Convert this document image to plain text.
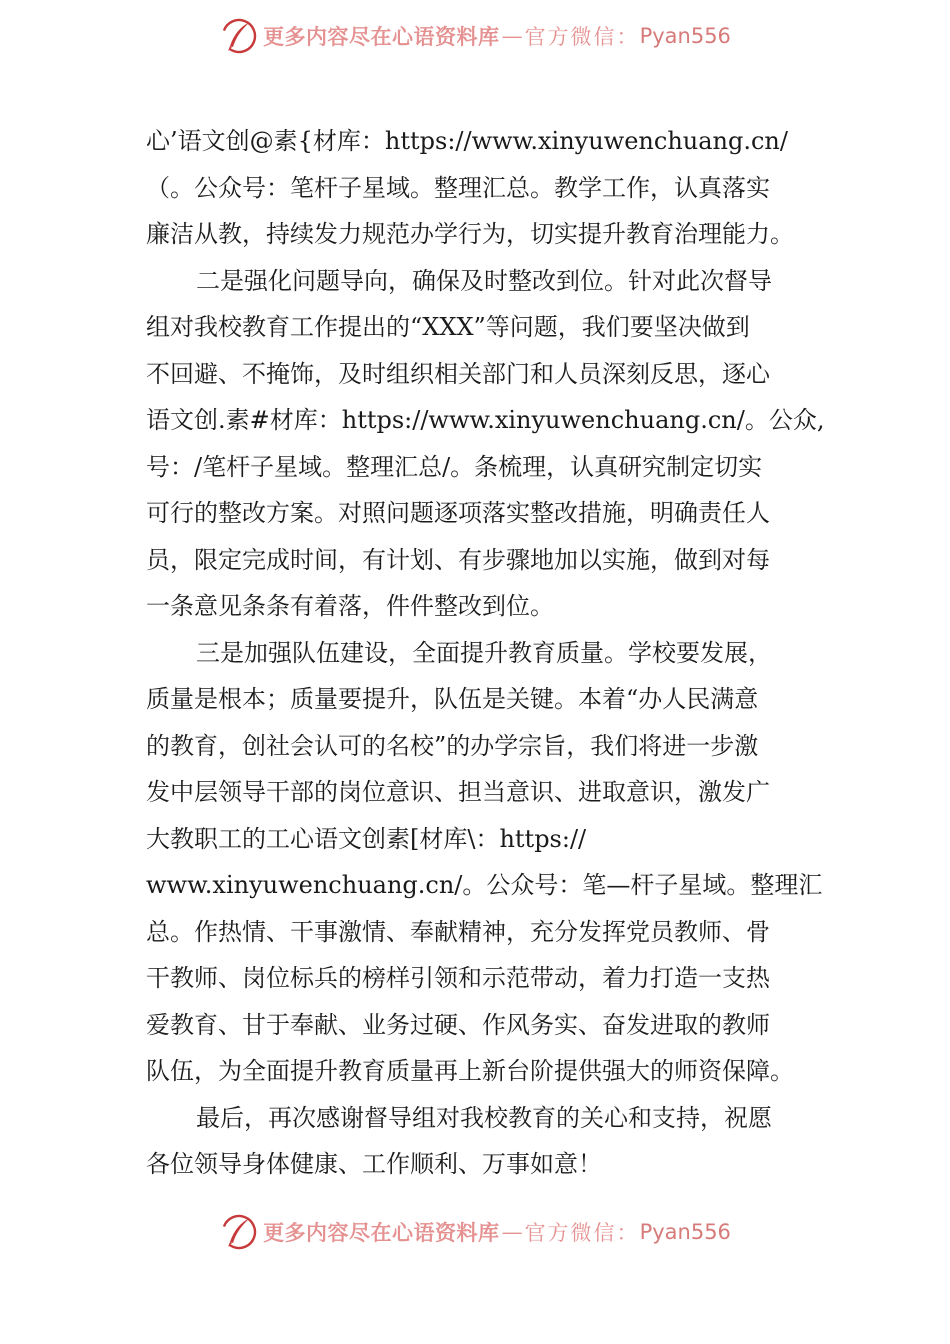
更多内容尽在心语资料库 — 官方微信： Pyan556
心’语文创@素{材库：https://www.xinyuwenchuang.cn/
（。公众号：笔杆子星域。整理汇总。教学工作，认真落实
廉洁从教，持续发力规范办学行为，切实提升教育治理能力。
二是强化问题导向，确保及时整改到位。针对此次督导
组对我校教育工作提出的“XXX”等问题，我们要坚决做到
不回避、不掩饰，及时组织相关部门和人员深刻反思，逐心
语文创.素#材库：https://www.xinyuwenchuang.cn/。公众,
号：/笔杆子星域。整理汇总/。条梳理，认真研究制定切实
可行的整改方案。对照问题逐项落实整改措施，明确责任人
员，限定完成时间，有计划、有步骤地加以实施，做到对每
一条意见条条有着落，件件整改到位。
三是加强队伍建设，全面提升教育质量。学校要发展，
质量是根本；质量要提升，队伍是关键。本着“办人民满意
的教育，创社会认可的名校”的办学宗旨，我们将进一步激
发中层领导干部的岗位意识、担当意识、进取意识，激发广
大教职工的工心语文创素[材库\：https://
www.xinyuwenchuang.cn/。公众号：笔—杆子星域。整理汇
总。作热情、干事激情、奉献精神，充分发挥党员教师、骨
干教师、岗位标兵的榜样引领和示范带动，着力打造一支热
爱教育、甘于奉献、业务过硬、作风务实、奋发进取的教师
队伍，为全面提升教育质量再上新台阶提供强大的师资保障。
最后，再次感谢督导组对我校教育的关心和支持，祝愿
各位领导身体健康、工作顺利、万事如意！
更多内容尽在心语资料库 — 官方微信： Pyan556
